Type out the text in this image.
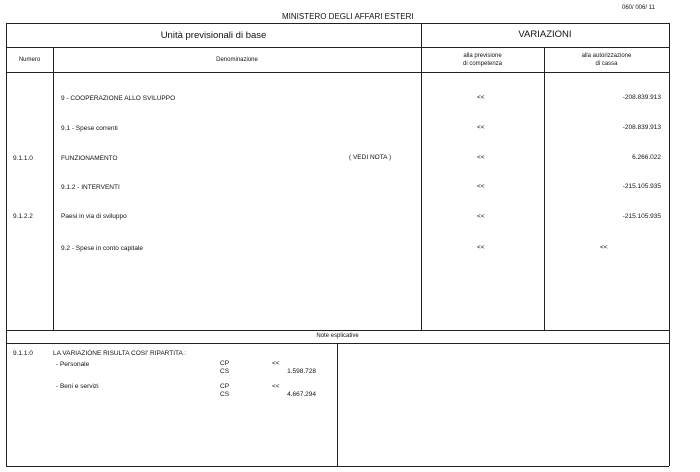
MINISTERO DEGLI AFFARI ESTERI
060/ 006/ 11
Unità previsionali di base	VARIAZIONI
Numero	Denominazione
alla previsione
di competenza
alla autorizzazione
di cassa
9 - COOPERAZIONE ALLO SVILUPPO	<<	-208.839.913
9.1 - Spese correnti	<<	-208.839.913
9.1.1.0	FUNZIONAMENTO	( VEDI NOTA )	<<	6.266.022
9.1.2 - INTERVENTI	<<	-215.105.935
9.1.2.2	Paesi in via di sviluppo	<<	-215.105.935
9.2 - Spese in conto capitale	<<	<<
Note esplicative
9.1.1.0	LA VARIAZIONE RISULTA COSI' RIPARTITA :
- Personale	CP	<<
CS	1.598.728
- Beni e servizi	CP	<<
CS	4.667.294
